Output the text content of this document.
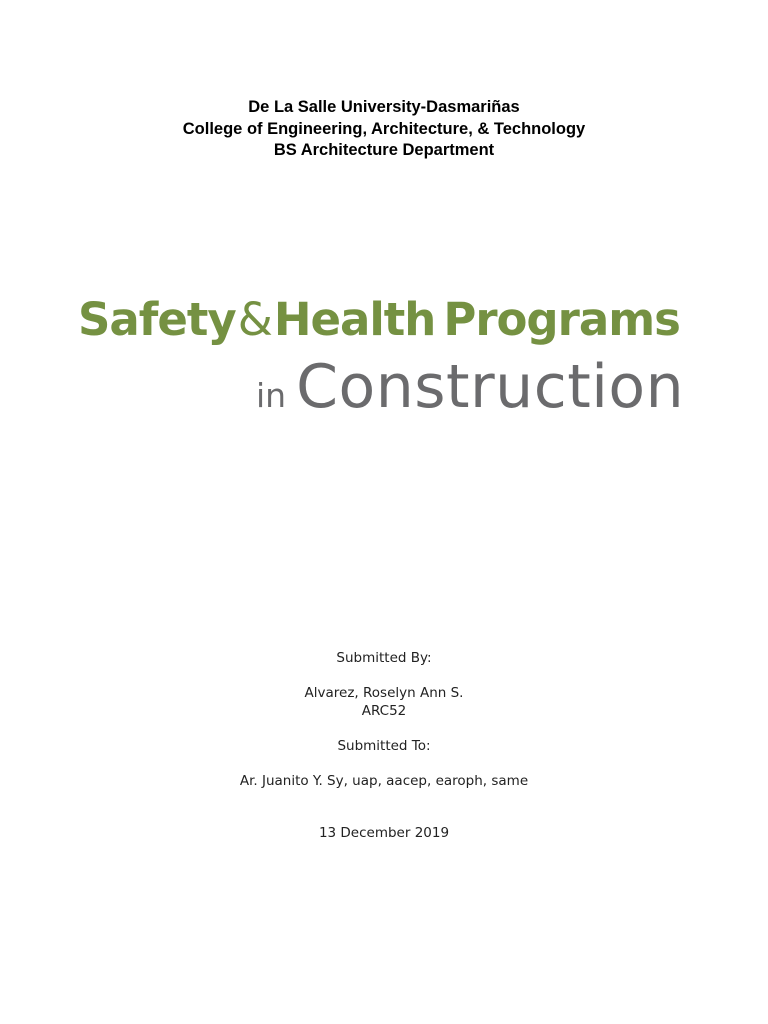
De La Salle University-Dasmariñas
College of Engineering, Architecture, & Technology
BS Architecture Department
Safety&Health Programs
in Construction
Submitted By:
Alvarez, Roselyn Ann S.
ARC52
Submitted To:
Ar. Juanito Y. Sy, uap, aacep, earoph, same
13 December 2019
